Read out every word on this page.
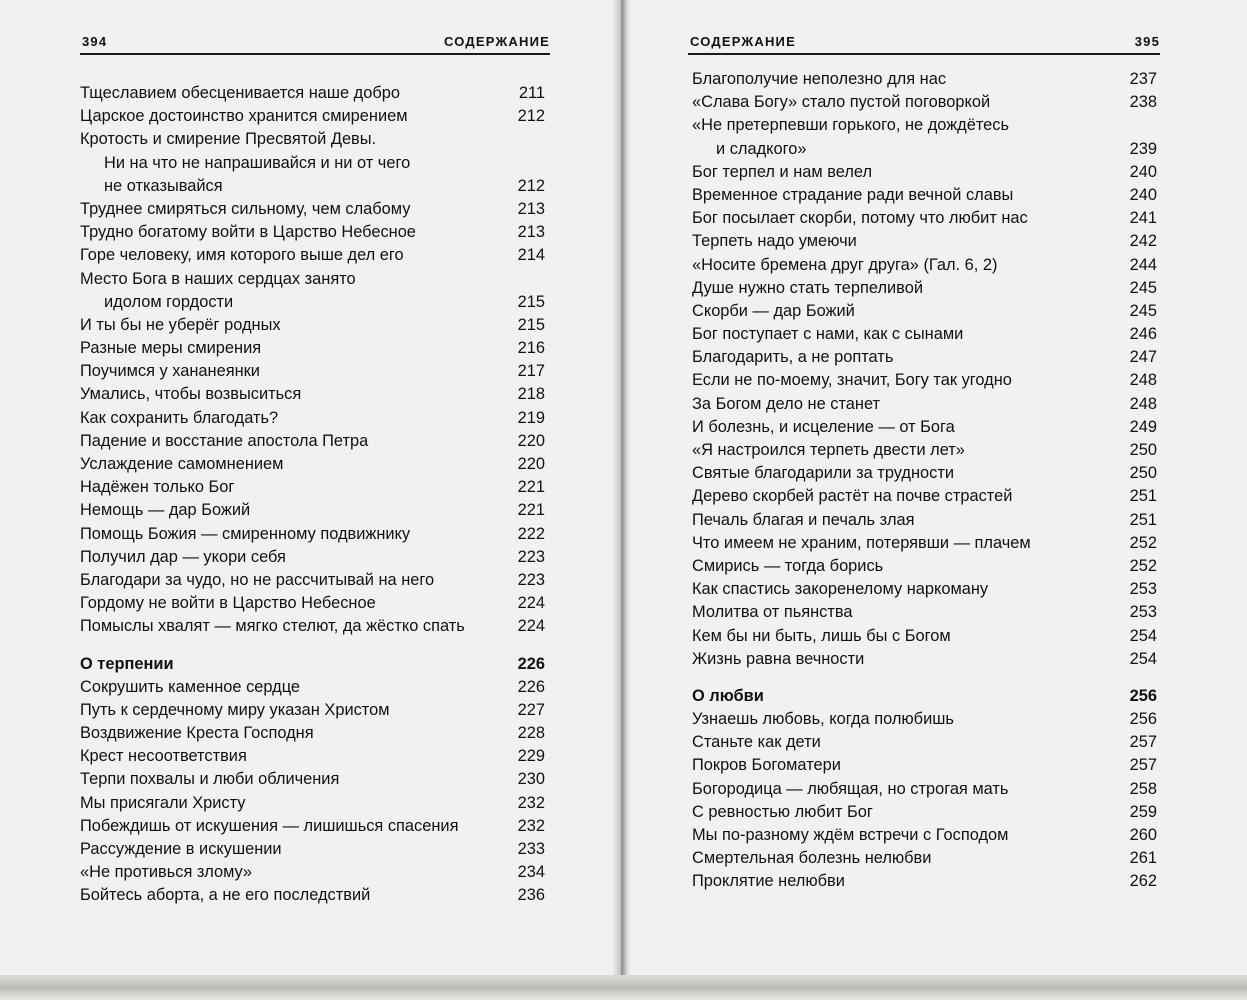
394	СОДЕРЖАНИЕ
Тщеславием обесценивается наше добро	211
Царское достоинство хранится смирением	212
Кротость и смирение Пресвятой Девы.
Ни на что не напрашивайся и ни от чего
не отказывайся	212
Труднее смиряться сильному, чем слабому	213
Трудно богатому войти в Царство Небесное	213
Горе человеку, имя которого выше дел его	214
Место Бога в наших сердцах занято
идолом гордости	215
И ты бы не уберёг родных	215
Разные меры смирения	216
Поучимся у хананеянки	217
Умались, чтобы возвыситься	218
Как сохранить благодать?	219
Падение и восстание апостола Петра	220
Услаждение самомнением	220
Надёжен только Бог	221
Немощь — дар Божий	221
Помощь Божия — смиренному подвижнику	222
Получил дар — укори себя	223
Благодари за чудо, но не рассчитывай на него	223
Гордому не войти в Царство Небесное	224
Помыслы хвалят — мягко стелют, да жёстко спать	224
О терпении	226
Сокрушить каменное сердце	226
Путь к сердечному миру указан Христом	227
Воздвижение Креста Господня	228
Крест несоответствия	229
Терпи похвалы и люби обличения	230
Мы присягали Христу	232
Побеждишь от искушения — лишишься спасения	232
Рассуждение в искушении	233
«Не противься злому»	234
Бойтесь аборта, а не его последствий	236
СОДЕРЖАНИЕ	395
Благополучие неполезно для нас	237
«Слава Богу» стало пустой поговоркой	238
«Не претерпевши горького, не дождётесь
и сладкого»	239
Бог терпел и нам велел	240
Временное страдание ради вечной славы	240
Бог посылает скорби, потому что любит нас	241
Терпеть надо умеючи	242
«Носите бремена друг друга» (Гал. 6, 2)	244
Душе нужно стать терпеливой	245
Скорби — дар Божий	245
Бог поступает с нами, как с сынами	246
Благодарить, а не роптать	247
Если не по-моему, значит, Богу так угодно	248
За Богом дело не станет	248
И болезнь, и исцеление — от Бога	249
«Я настроился терпеть двести лет»	250
Святые благодарили за трудности	250
Дерево скорбей растёт на почве страстей	251
Печаль благая и печаль злая	251
Что имеем не храним, потерявши — плачем	252
Смирись — тогда борись	252
Как спастись закоренелому наркоману	253
Молитва от пьянства	253
Кем бы ни быть, лишь бы с Богом	254
Жизнь равна вечности	254
О любви	256
Узнаешь любовь, когда полюбишь	256
Станьте как дети	257
Покров Богоматери	257
Богородица — любящая, но строгая мать	258
С ревностью любит Бог	259
Мы по-разному ждём встречи с Господом	260
Смертельная болезнь нелюбви	261
Проклятие нелюбви	262
